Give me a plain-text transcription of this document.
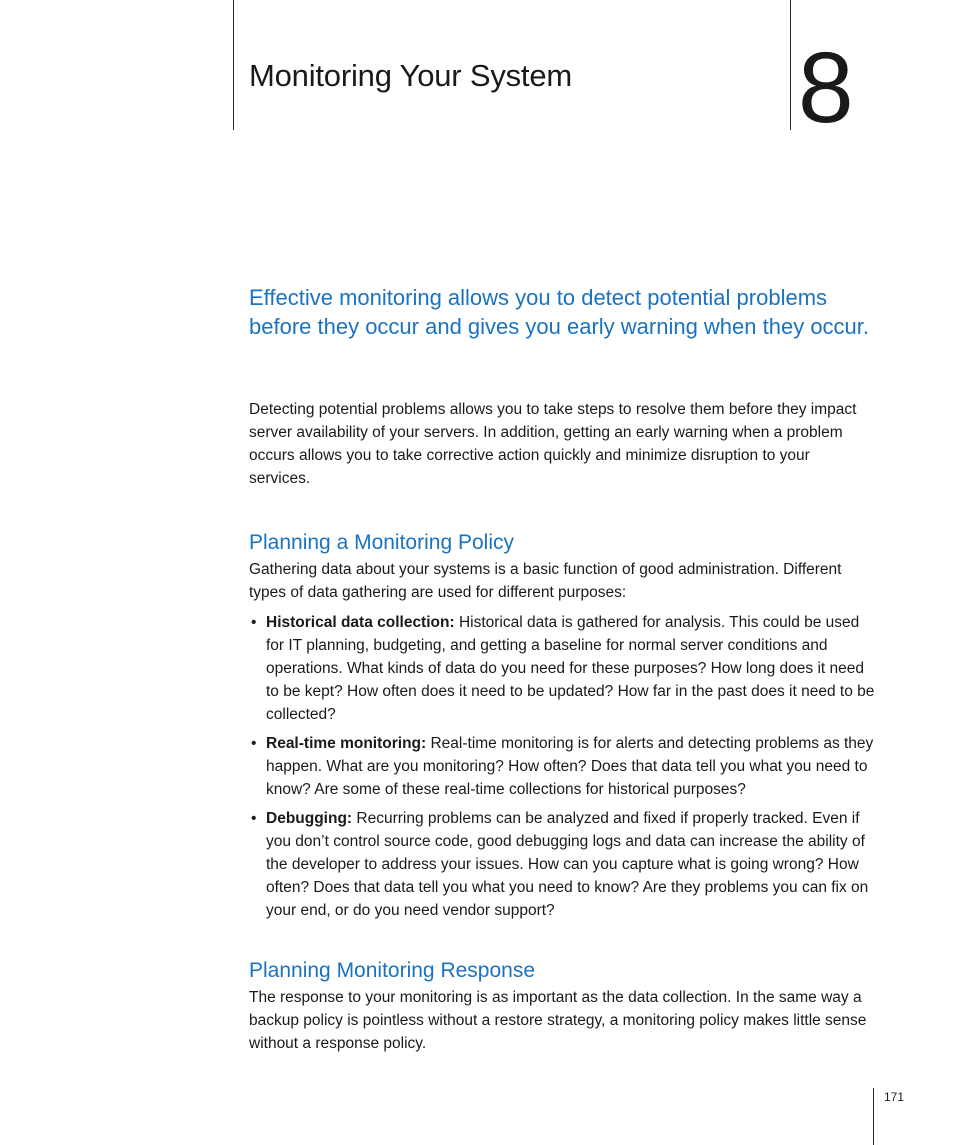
Monitoring Your System 8

Effective monitoring allows you to detect potential problems before they occur and gives you early warning when they occur.

Detecting potential problems allows you to take steps to resolve them before they impact server availability of your servers. In addition, getting an early warning when a problem occurs allows you to take corrective action quickly and minimize disruption to your services.

Planning a Monitoring Policy

Gathering data about your systems is a basic function of good administration. Different types of data gathering are used for different purposes:

• Historical data collection: Historical data is gathered for analysis. This could be used for IT planning, budgeting, and getting a baseline for normal server conditions and operations. What kinds of data do you need for these purposes? How long does it need to be kept? How often does it need to be updated? How far in the past does it need to be collected?
• Real-time monitoring: Real-time monitoring is for alerts and detecting problems as they happen. What are you monitoring? How often? Does that data tell you what you need to know? Are some of these real-time collections for historical purposes?
• Debugging: Recurring problems can be analyzed and fixed if properly tracked. Even if you don’t control source code, good debugging logs and data can increase the ability of the developer to address your issues. How can you capture what is going wrong? How often? Does that data tell you what you need to know? Are they problems you can fix on your end, or do you need vendor support?
Planning Monitoring Response

The response to your monitoring is as important as the data collection. In the same way a backup policy is pointless without a restore strategy, a monitoring policy makes little sense without a response policy.

171
